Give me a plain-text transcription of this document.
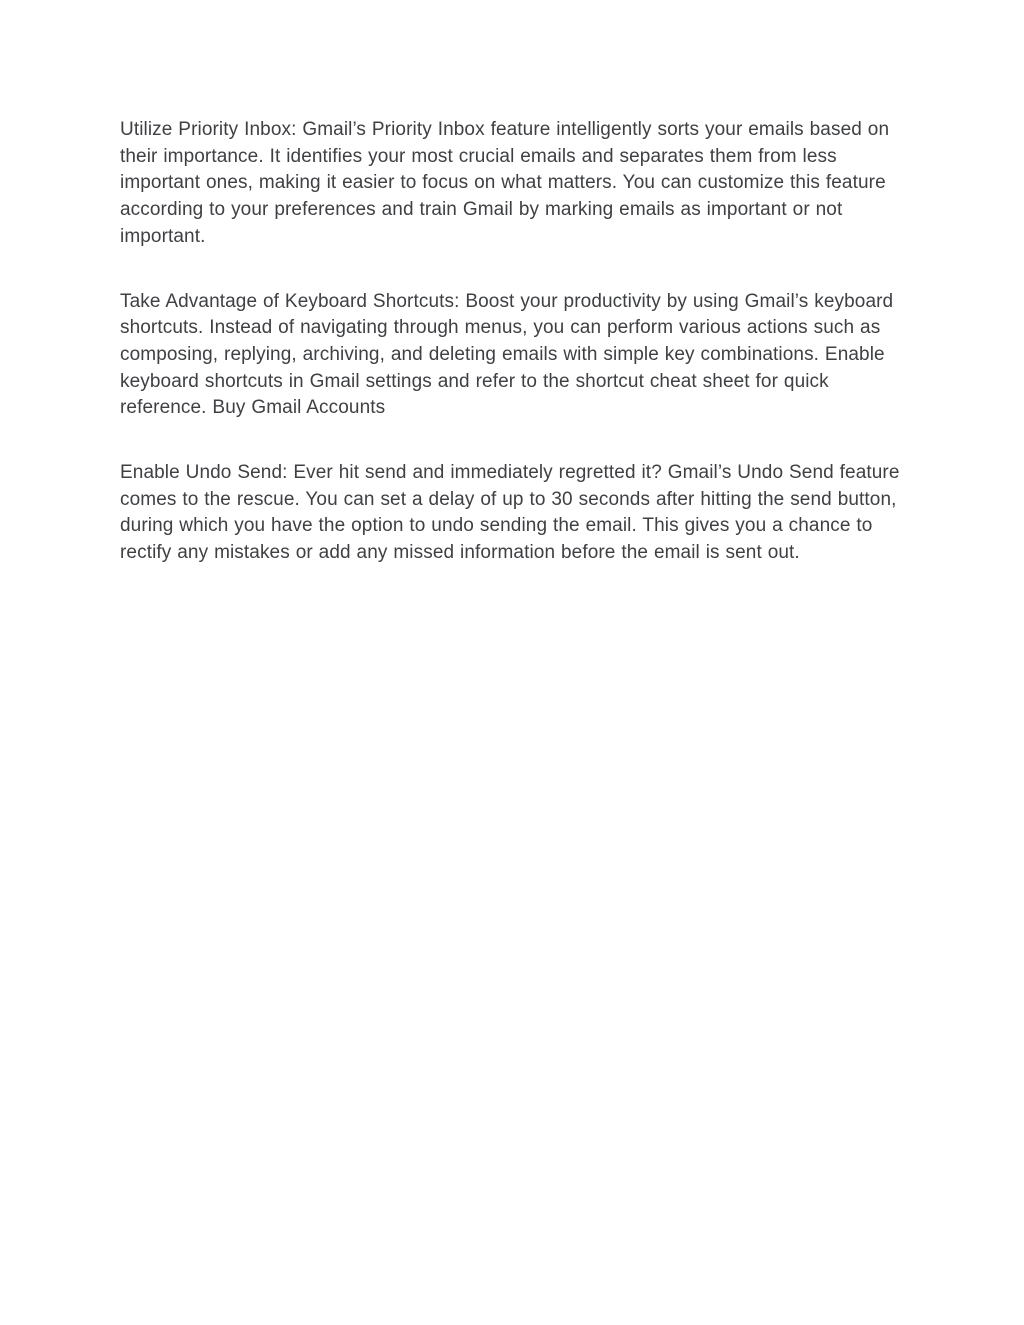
Utilize Priority Inbox: Gmail’s Priority Inbox feature intelligently sorts your emails based on their importance. It identifies your most crucial emails and separates them from less important ones, making it easier to focus on what matters. You can customize this feature according to your preferences and train Gmail by marking emails as important or not important.

Take Advantage of Keyboard Shortcuts: Boost your productivity by using Gmail’s keyboard shortcuts. Instead of navigating through menus, you can perform various actions such as composing, replying, archiving, and deleting emails with simple key combinations. Enable keyboard shortcuts in Gmail settings and refer to the shortcut cheat sheet for quick reference. Buy Gmail Accounts

Enable Undo Send: Ever hit send and immediately regretted it? Gmail’s Undo Send feature comes to the rescue. You can set a delay of up to 30 seconds after hitting the send button, during which you have the option to undo sending the email. This gives you a chance to rectify any mistakes or add any missed information before the email is sent out.
